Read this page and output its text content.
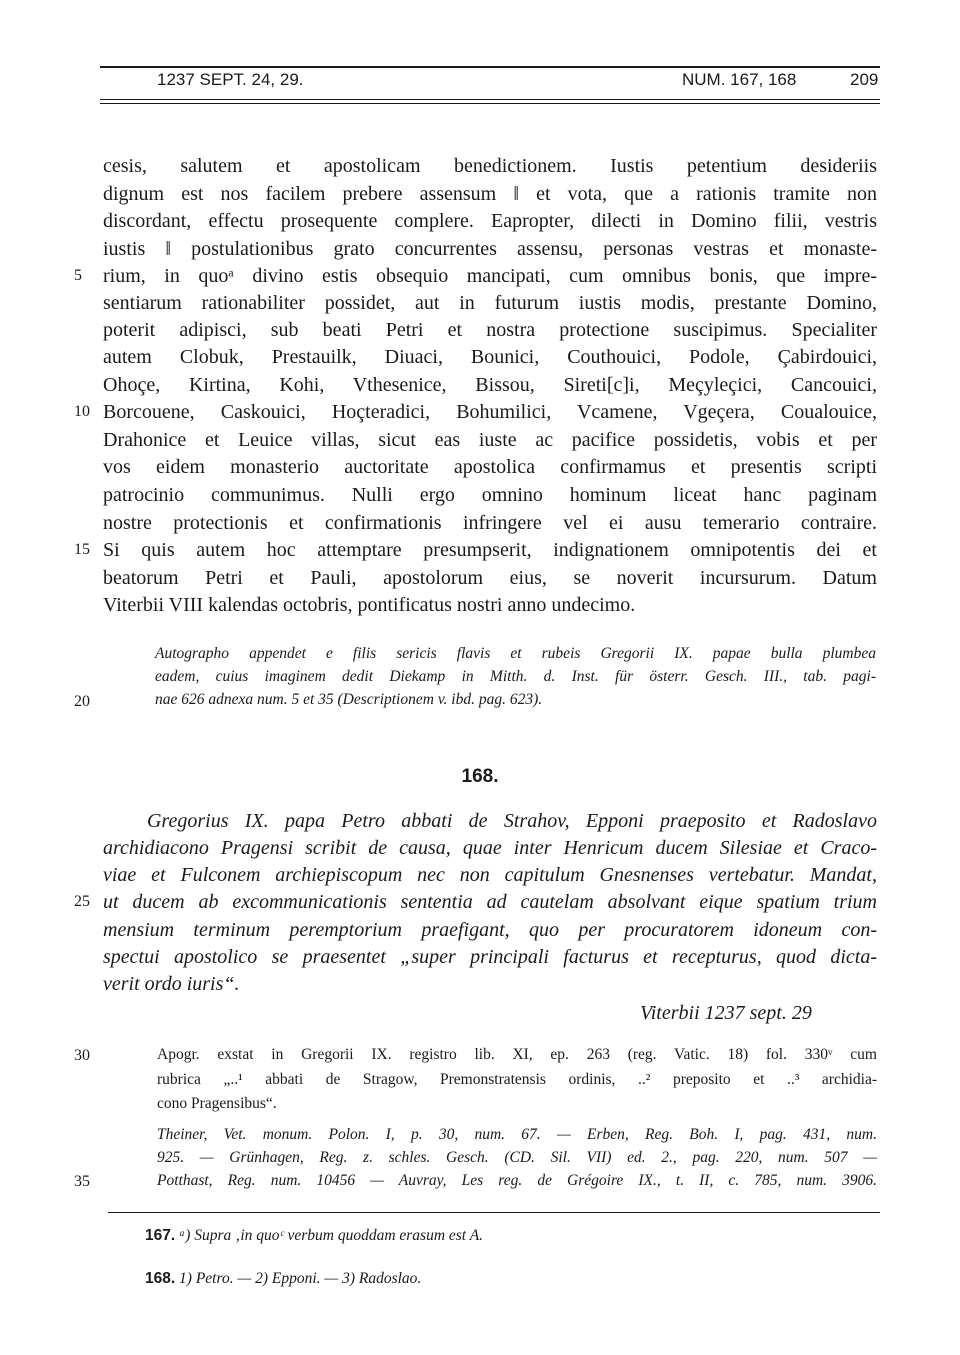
1237 SEPT. 24, 29.	NUM. 167, 168	209
cesis, salutem et apostolicam benedictionem. Iustis petentium desideriis
dignum est nos facilem prebere assensum ‖ et vota, que a rationis tramite non
discordant, effectu prosequente complere. Eapropter, dilecti in Domino filii, vestris
iustis ‖ postulationibus grato concurrentes assensu, personas vestras et monaste-
rium, in quoᵃ divino estis obsequio mancipati, cum omnibus bonis, que impre-
sentiarum rationabiliter possidet, aut in futurum iustis modis, prestante Domino,
poterit adipisci, sub beati Petri et nostra protectione suscipimus. Specialiter
autem Clobuk, Prestauilk, Diuaci, Bounici, Couthouici, Podole, Çabirdouici,
Ohoçe, Kirtina, Kohi, Vthesenice, Bissou, Sireti[c]i, Meçyleçici, Cancouici,
Borcouene, Caskouici, Hoçteradici, Bohumilici, Vcamene, Vgeçera, Coualouice,
Drahonice et Leuice villas, sicut eas iuste ac pacifice possidetis, vobis et per
vos eidem monasterio auctoritate apostolica confirmamus et presentis scripti
patrocinio communimus. Nulli ergo omnino hominum liceat hanc paginam
nostre protectionis et confirmationis infringere vel ei ausu temerario contraire.
Si quis autem hoc attemptare presumpserit, indignationem omnipotentis dei et
beatorum Petri et Pauli, apostolorum eius, se noverit incursurum. Datum
Viterbii VIII kalendas octobris, pontificatus nostri anno undecimo.
Autographo appendet e filis sericis flavis et rubeis Gregorii IX. papae bulla plumbea
eadem, cuius imaginem dedit Diekamp in Mitth. d. Inst. für österr. Gesch. III., tab. pagi-
nae 626 adnexa num. 5 et 35 (Descriptionem v. ibd. pag. 623).
168.
Gregorius IX. papa Petro abbati de Strahov, Epponi praeposito et Radoslavo
archidiacono Pragensi scribit de causa, quae inter Henricum ducem Silesiae et Craco-
viae et Fulconem archiepiscopum nec non capitulum Gnesnenses vertebatur. Mandat,
ut ducem ab excommunicationis sententia ad cautelam absolvant eique spatium trium
mensium terminum peremptorium praefigant, quo per procuratorem idoneum con-
spectui apostolico se praesentet „super principali facturus et recepturus, quod dicta-
verit ordo iuris“.
Viterbii 1237 sept. 29
Apogr. exstat in Gregorii IX. registro lib. XI, ep. 263 (reg. Vatic. 18) fol. 330ᵛ cum
rubrica „..¹ abbati de Stragow, Premonstratensis ordinis, ..² preposito et ..³ archidia-
cono Pragensibus“.
Theiner, Vet. monum. Polon. I, p. 30, num. 67. — Erben, Reg. Boh. I, pag. 431, num.
925. — Grünhagen, Reg. z. schles. Gesch. (CD. Sil. VII) ed. 2., pag. 220, num. 507 —
Potthast, Reg. num. 10456 — Auvray, Les reg. de Grégoire IX., t. II, c. 785, num. 3906.
5
10
15
20
25
30
35
167. ᵃ) Supra ‚in quoᶜ verbum quoddam erasum est A.
168. 1) Petro. — 2) Epponi. — 3) Radoslao.
